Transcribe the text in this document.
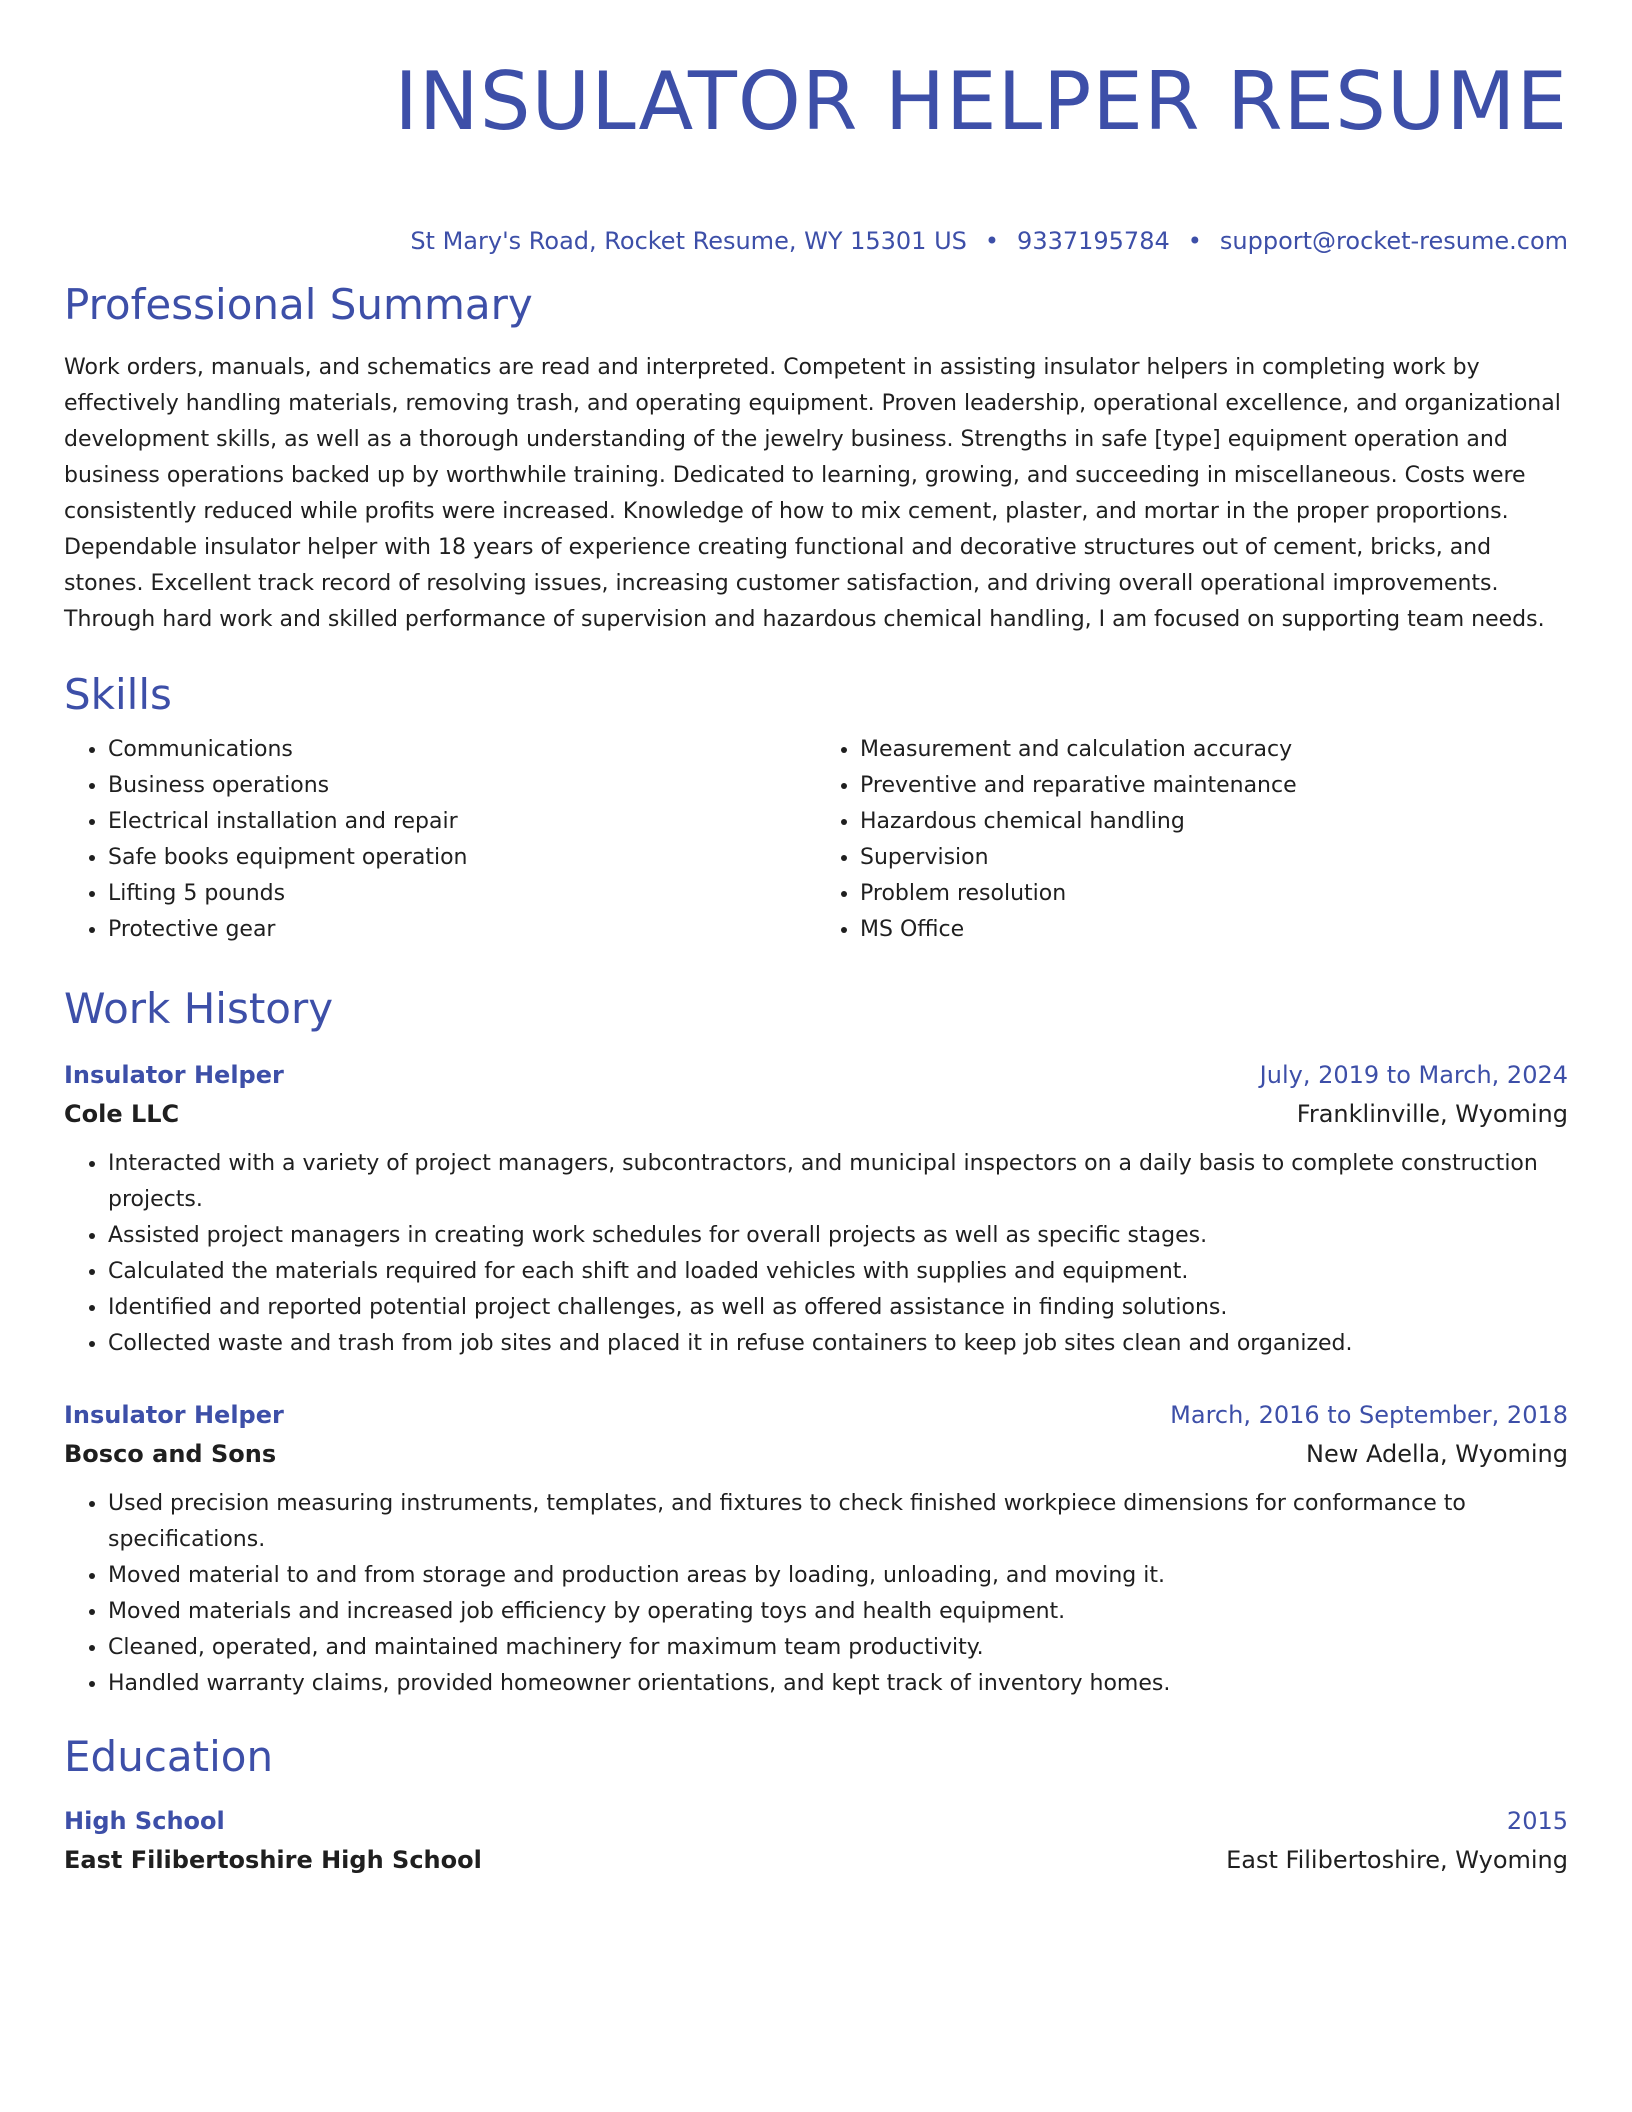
INSULATOR HELPER RESUME
St Mary's Road, Rocket Resume, WY 15301 US • 9337195784 • support@rocket-resume.com
Professional Summary

Work orders, manuals, and schematics are read and interpreted. Competent in assisting insulator helpers in completing work by effectively handling materials, removing trash, and operating equipment. Proven leadership, operational excellence, and organizational development skills, as well as a thorough understanding of the jewelry business. Strengths in safe [type] equipment operation and business operations backed up by worthwhile training. Dedicated to learning, growing, and succeeding in miscellaneous. Costs were consistently reduced while profits were increased. Knowledge of how to mix cement, plaster, and mortar in the proper proportions. Dependable insulator helper with 18 years of experience creating functional and decorative structures out of cement, bricks, and stones. Excellent track record of resolving issues, increasing customer satisfaction, and driving overall operational improvements. Through hard work and skilled performance of supervision and hazardous chemical handling, I am focused on supporting team needs.

Skills
• Communications
• Business operations
• Electrical installation and repair
• Safe books equipment operation
• Lifting 5 pounds
• Protective gear
• Measurement and calculation accuracy
• Preventive and reparative maintenance
• Hazardous chemical handling
• Supervision
• Problem resolution
• MS Office
Work History
Insulator Helper	July, 2019 to March, 2024
Cole LLC	Franklinville, Wyoming
• Interacted with a variety of project managers, subcontractors, and municipal inspectors on a daily basis to complete construction projects.
• Assisted project managers in creating work schedules for overall projects as well as specific stages.
• Calculated the materials required for each shift and loaded vehicles with supplies and equipment.
• Identified and reported potential project challenges, as well as offered assistance in finding solutions.
• Collected waste and trash from job sites and placed it in refuse containers to keep job sites clean and organized.
Insulator Helper	March, 2016 to September, 2018
Bosco and Sons	New Adella, Wyoming
• Used precision measuring instruments, templates, and fixtures to check finished workpiece dimensions for conformance to specifications.
• Moved material to and from storage and production areas by loading, unloading, and moving it.
• Moved materials and increased job efficiency by operating toys and health equipment.
• Cleaned, operated, and maintained machinery for maximum team productivity.
• Handled warranty claims, provided homeowner orientations, and kept track of inventory homes.
Education
High School	2015
East Filibertoshire High School	East Filibertoshire, Wyoming
